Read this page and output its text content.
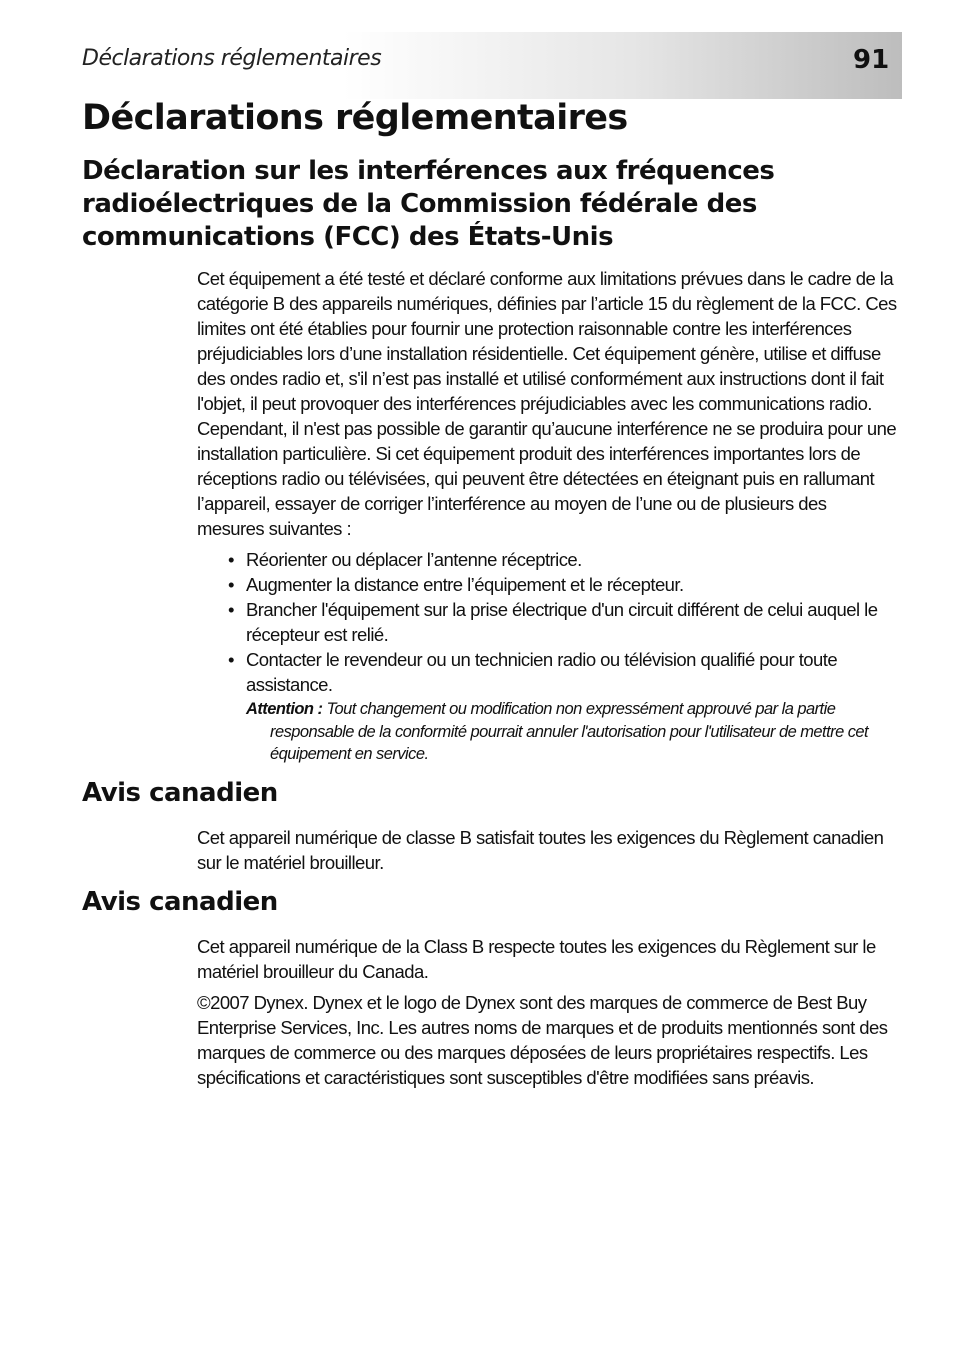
Déclarations réglementaires	91
Déclarations réglementaires
Déclaration sur les interférences aux fréquences radioélectriques de la Commission fédérale des communications (FCC) des États-Unis

Cet équipement a été testé et déclaré conforme aux limitations prévues dans le cadre de la catégorie B des appareils numériques, définies par l’article 15 du règlement de la FCC. Ces limites ont été établies pour fournir une protection raisonnable contre les interférences préjudiciables lors d’une installation résidentielle. Cet équipement génère, utilise et diffuse des ondes radio et, s'il n’est pas installé et utilisé conformément aux instructions dont il fait l'objet, il peut provoquer des interférences préjudiciables avec les communications radio. Cependant, il n'est pas possible de garantir qu’aucune interférence ne se produira pour une installation particulière. Si cet équipement produit des interférences importantes lors de réceptions radio ou télévisées, qui peuvent être détectées en éteignant puis en rallumant l’appareil, essayer de corriger l’interférence au moyen de l’une ou de plusieurs des mesures suivantes :

• Réorienter ou déplacer l’antenne réceptrice.
• Augmenter la distance entre l’équipement et le récepteur.
• Brancher l'équipement sur la prise électrique d'un circuit différent de celui auquel le récepteur est relié.
• Contacter le revendeur ou un technicien radio ou télévision qualifié pour toute assistance.

Attention : Tout changement ou modification non expressément approuvé par la partie responsable de la conformité pourrait annuler l'autorisation pour l'utilisateur de mettre cet équipement en service.

Avis canadien

Cet appareil numérique de classe B satisfait toutes les exigences du Règlement canadien sur le matériel brouilleur.

Avis canadien

Cet appareil numérique de la Class B respecte toutes les exigences du Règlement sur le matériel brouilleur du Canada.

©2007 Dynex. Dynex et le logo de Dynex sont des marques de commerce de Best Buy Enterprise Services, Inc. Les autres noms de marques et de produits mentionnés sont des marques de commerce ou des marques déposées de leurs propriétaires respectifs. Les spécifications et caractéristiques sont susceptibles d'être modifiées sans préavis.
